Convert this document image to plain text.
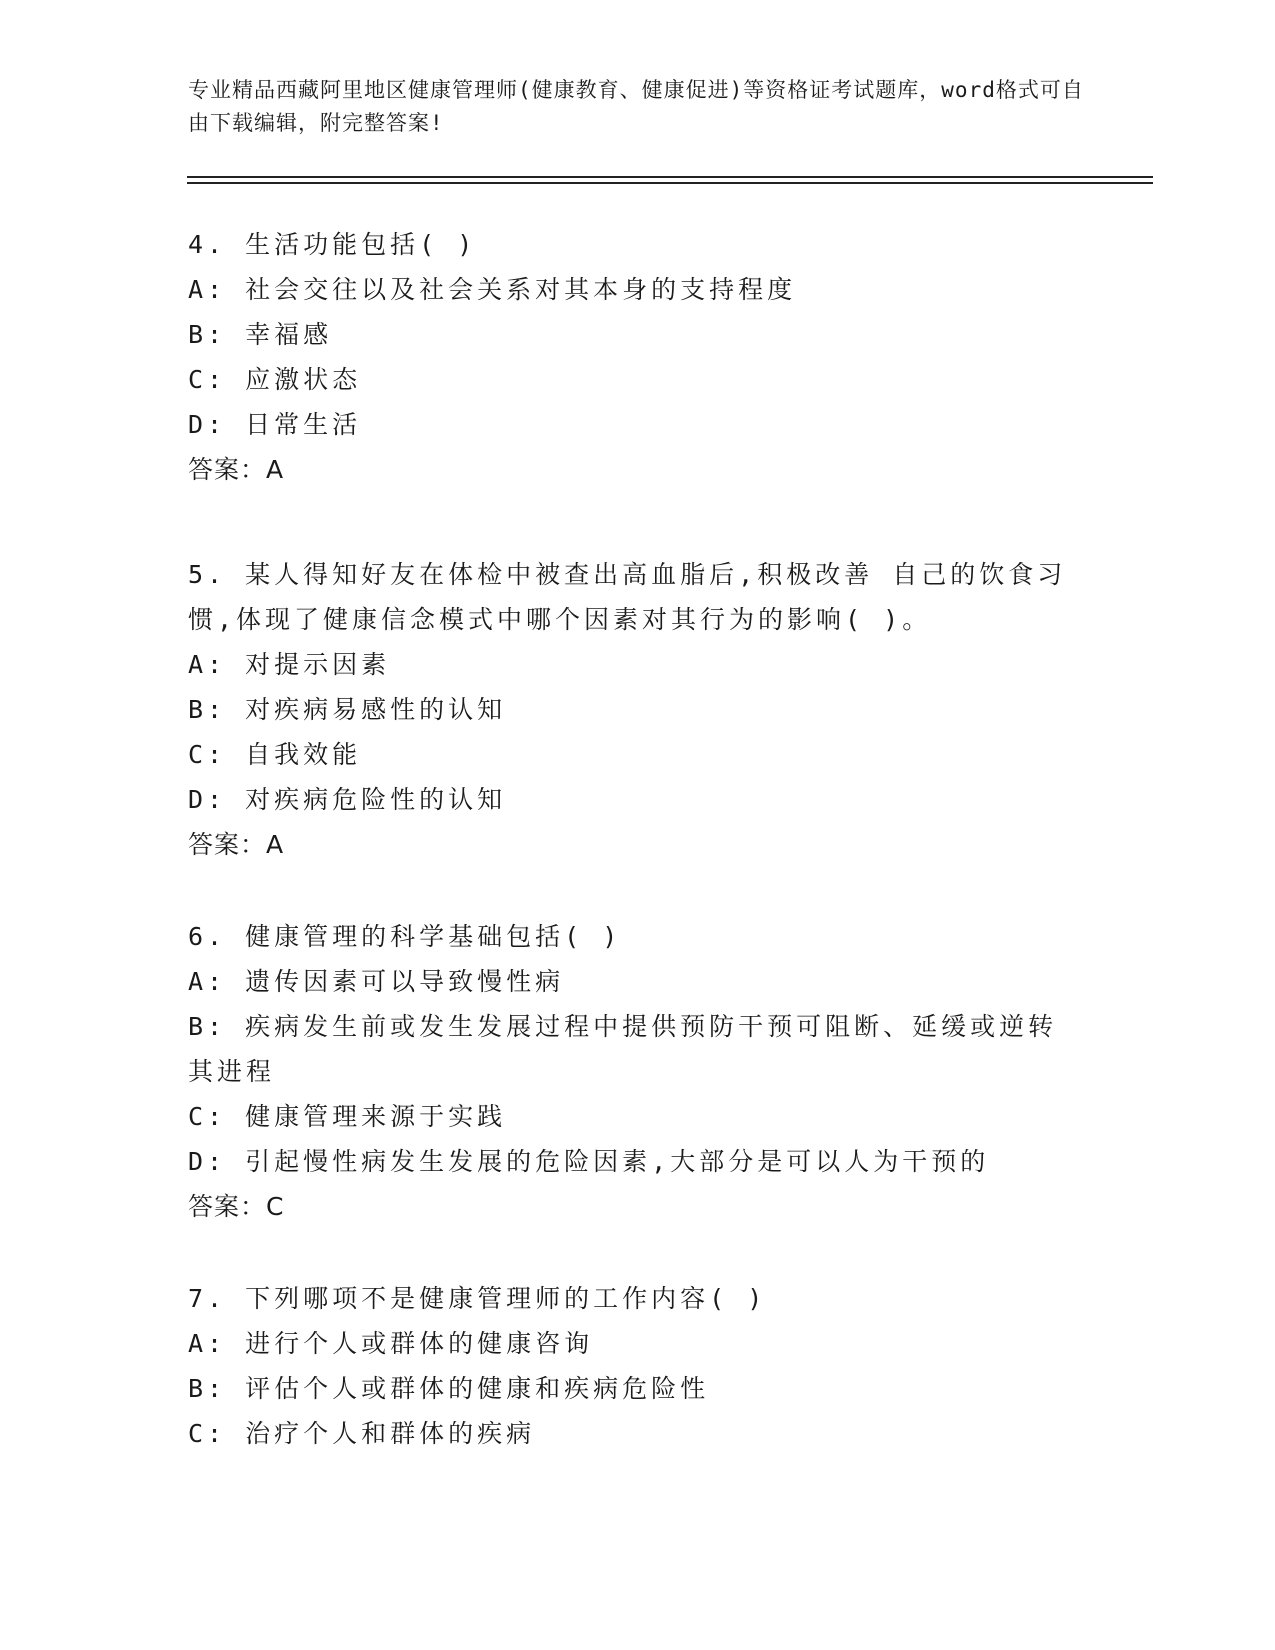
专业精品西藏阿里地区健康管理师(健康教育、健康促进)等资格证考试题库，word格式可自由下载编辑，附完整答案!
4. 生活功能包括( )
A: 社会交往以及社会关系对其本身的支持程度
B: 幸福感
C: 应激状态
D: 日常生活
答案：A
5. 某人得知好友在体检中被查出高血脂后,积极改善 自己的饮食习惯,体现了健康信念模式中哪个因素对其行为的影响( )。
A: 对提示因素
B: 对疾病易感性的认知
C: 自我效能
D: 对疾病危险性的认知
答案：A
6. 健康管理的科学基础包括( )
A: 遗传因素可以导致慢性病
B: 疾病发生前或发生发展过程中提供预防干预可阻断、延缓或逆转其进程
C: 健康管理来源于实践
D: 引起慢性病发生发展的危险因素,大部分是可以人为干预的
答案：C
7. 下列哪项不是健康管理师的工作内容( )
A: 进行个人或群体的健康咨询
B: 评估个人或群体的健康和疾病危险性
C: 治疗个人和群体的疾病
